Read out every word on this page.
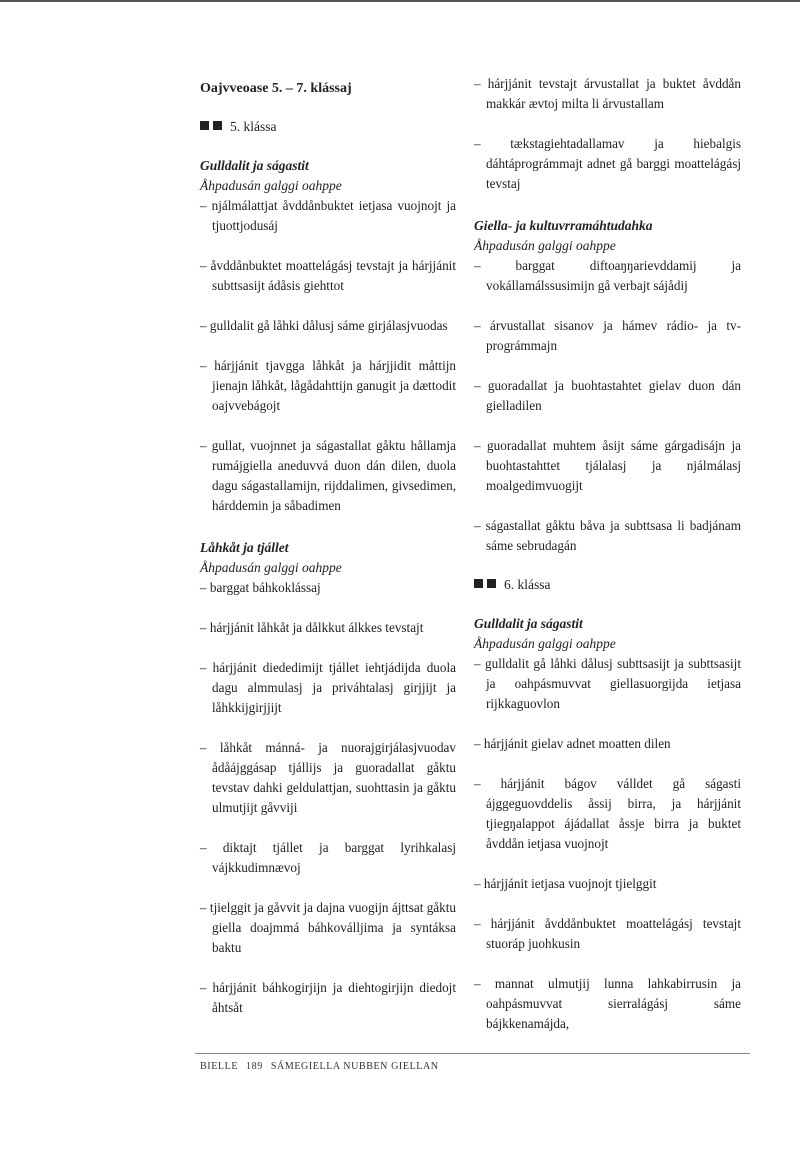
Oajvveoase 5. – 7. klássaj
5. klássa
Gulldalit ja ságastit
Åhpadusán galggi oahppe
– njálmálattjat åvddånbuktet ietjasa vuojnojt ja tjuottjodusáj
– åvddånbuktet moattelágásj tevstajt ja hárjjánit subttsasijt ádåsis giehttot
– gulldalit gå låhki dålusj sáme girjálasjvuodas
– hárjjánit tjavgga låhkåt ja hárjjidit måttijn jienajn låhkåt, lågådahttijn ganugit ja dættodit oajvvebágojt
– gullat, vuojnnet ja ságastallat gåktu hållamja rumájgiella aneduvvá duon dán dilen, duola dagu ságastallamijn, rijddalimen, givsedimen, hárddemin ja såbadimen
Låhkåt ja tjállet
Åhpadusán galggi oahppe
– barggat báhkoklássaj
– hárjjánit låhkåt ja dålkkut álkkes tevstajt
– hárjjánit diededimijt tjállet iehtjádijda duola dagu almmulasj ja priváhtalasj girjjijt ja låhkkijgirjjijt
– låhkåt mánná- ja nuorajgirjálasjvuodav ådåájggásap tjállijs ja guoradallat gåktu tevstav dahki geldulattjan, suohttasin ja gåktu ulmutjijt gåvviji
– diktajt tjállet ja barggat lyrihkalasj vájkkudimnævoj
– tjielggit ja gåvvit ja dajna vuogijn ájttsat gåktu giella doajmmá báhkoválljima ja syntáksa baktu
– hárjjánit báhkogirjijn ja diehtogirjijn diedojt åhtsåt
– hárjjánit tevstajt árvustallat ja buktet åvddån makkár ævtoj milta li árvustallam
– tækstagiehtadallamav ja hiebalgis dáhtáprográmmajt adnet gå barggi moattelágásj tevstaj
Giella- ja kultuvrramáhtudahka
Åhpadusán galggi oahppe
– barggat diftoaŋŋarievddamij ja vokállamálssusimijn gå verbajt sájådij
– árvustallat sisanov ja hámev rádio- ja tv-prográmmajn
– guoradallat ja buohtastahtet gielav duon dán gielladilen
– guoradallat muhtem åsijt sáme gárgadisájn ja buohtastahttet tjálalasj ja njálmálasj moalgedimvuogijt
– ságastallat gåktu båva ja subttsasa li badjánam sáme sebrudagán
6. klássa
Gulldalit ja ságastit
Åhpadusán galggi oahppe
– gulldalit gå låhki dålusj subttsasijt ja subttsasijt ja oahpásmuvvat giellasuorgijda ietjasa rijkkaguovlon
– hárjjánit gielav adnet moatten dilen
– hárjjánit bágov válldet gå ságasti ájggeguovddelis åssij birra, ja hárjjánit tjiegŋalappot ájádallat åssje birra ja buktet åvddån ietjasa vuojnojt
– hárjjánit ietjasa vuojnojt tjielggit
– hárjjánit åvddånbuktet moattelágásj tevstajt stuoráp juohkusin
– mannat ulmutjij lunna lahkabirrusin ja oahpásmuvvat sierralágásj sáme bájkkenamájda,
BIELLE 189 SÁMEGIELLA NUBBEN GIELLAN
